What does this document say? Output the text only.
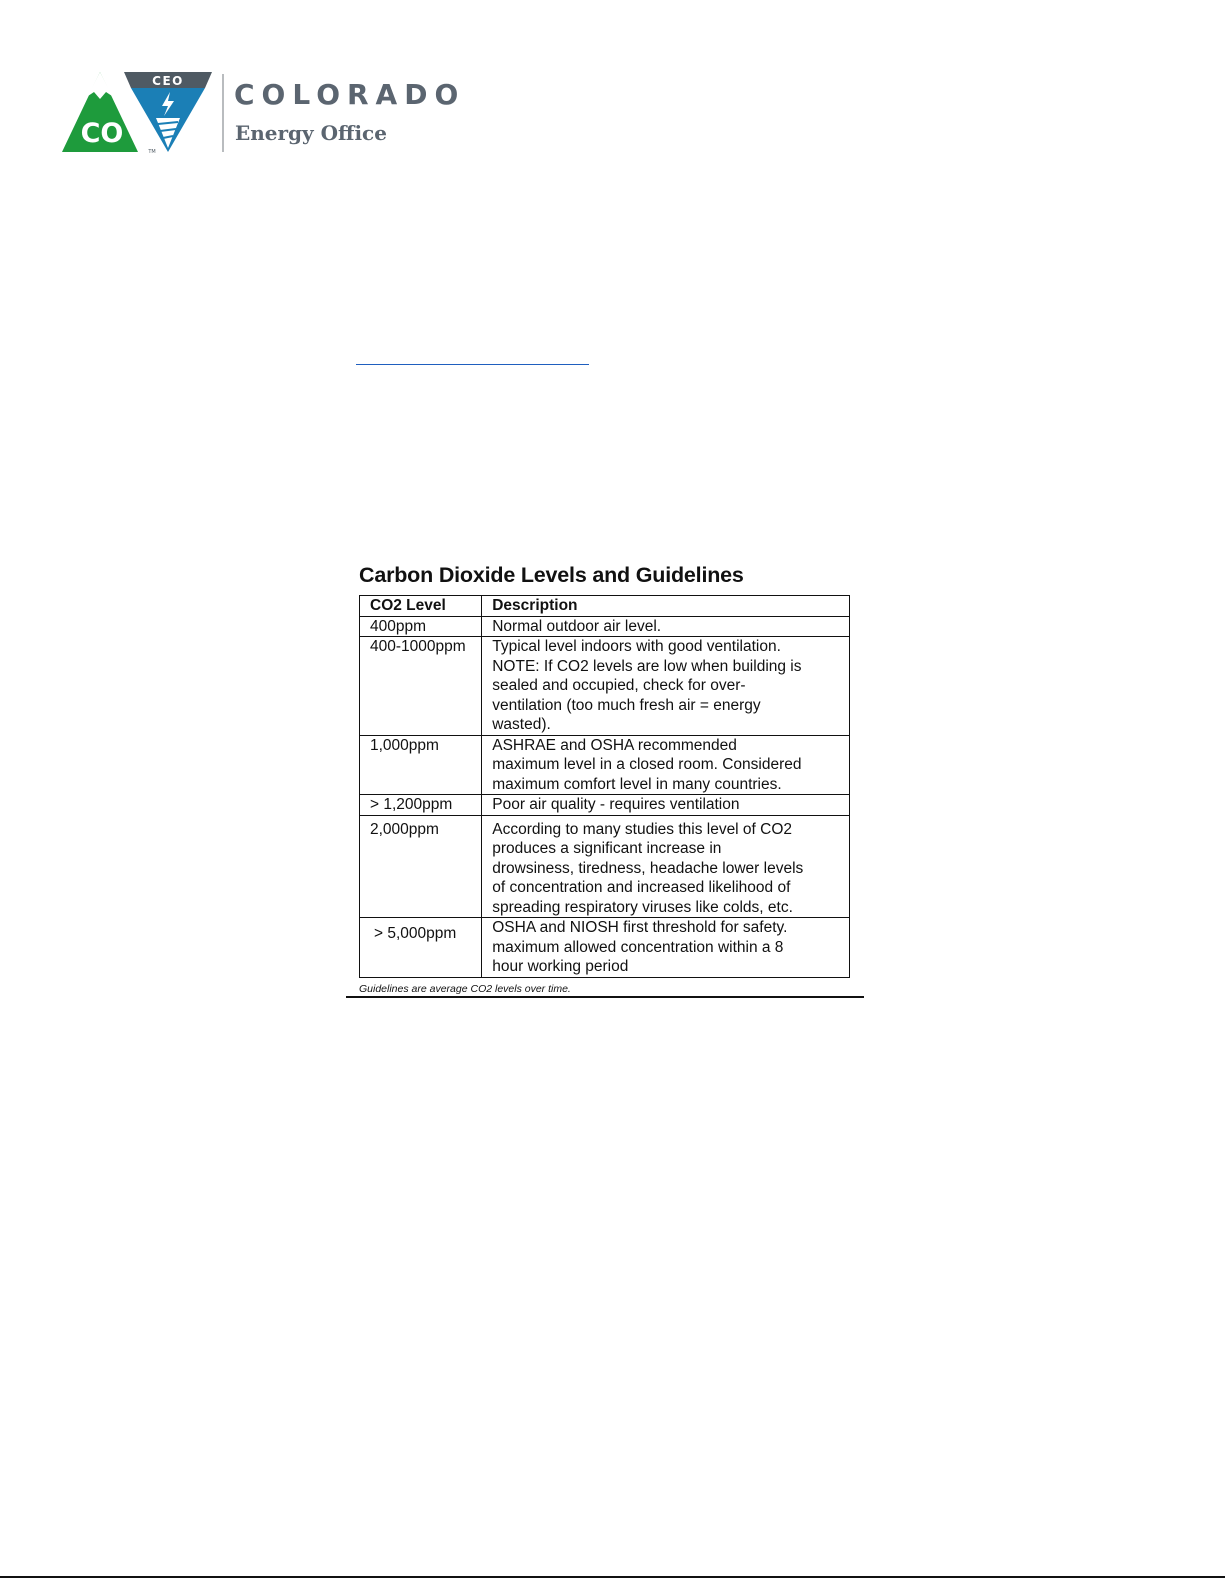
CO
CEO
TM
COLORADO
Energy Office
Carbon Dioxide Levels and Guidelines
CO2 Level	Description
400ppm	Normal outdoor air level.

400-1000ppm	Typical level indoors with good ventilation.
NOTE: If CO2 levels are low when building is
sealed and occupied, check for over-
ventilation (too much fresh air = energy
wasted).

1,000ppm	ASHRAE and OSHA recommended
maximum level in a closed room. Considered
maximum comfort level in many countries.

> 1,200ppm	Poor air quality - requires ventilation

2,000ppm	According to many studies this level of CO2
produces a significant increase in
drowsiness, tiredness, headache lower levels
of concentration and increased likelihood of
spreading respiratory viruses like colds, etc.

> 5,000ppm	OSHA and NIOSH first threshold for safety.
maximum allowed concentration within a 8
hour working period
Guidelines are average CO2 levels over time.
